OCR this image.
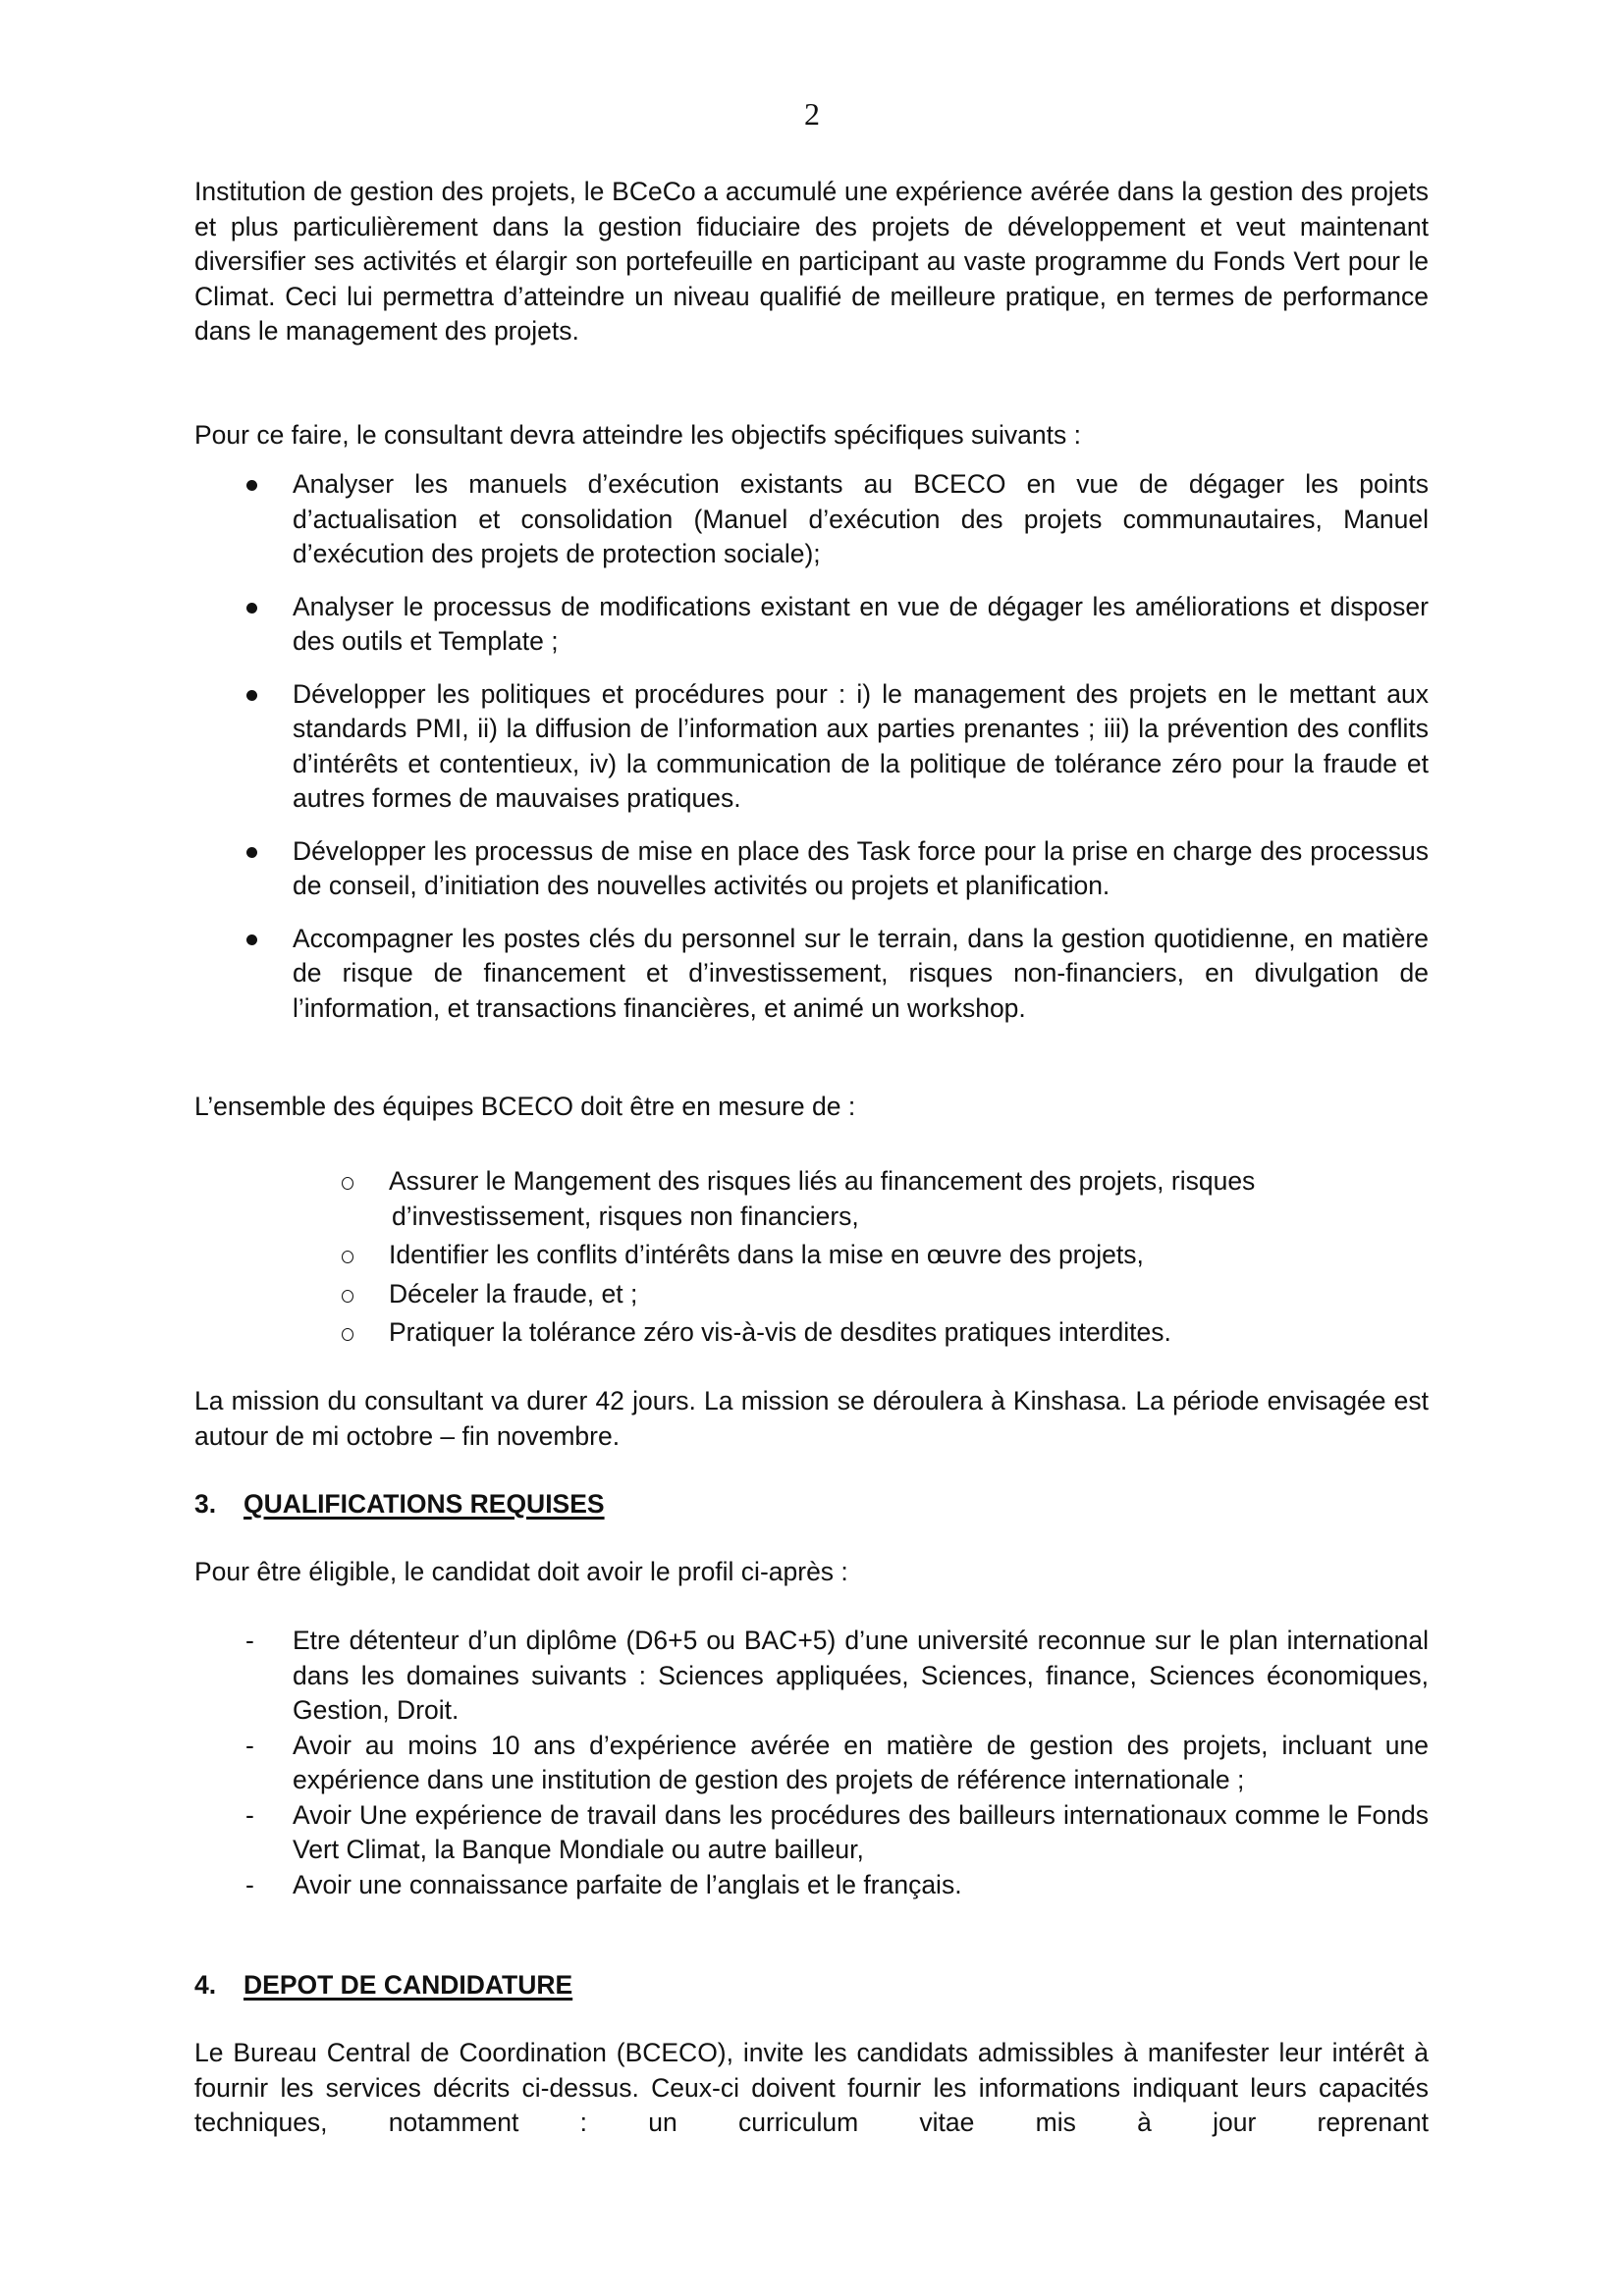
2

Institution de gestion des projets, le BCeCo a accumulé une expérience avérée dans la gestion des projets et plus particulièrement dans la gestion fiduciaire des projets de développement et veut maintenant diversifier ses activités et élargir son portefeuille en participant au vaste programme du Fonds Vert pour le Climat. Ceci lui permettra d’atteindre un niveau qualifié de meilleure pratique, en termes de performance dans le management des projets.

Pour ce faire, le consultant devra atteindre les objectifs spécifiques suivants :

Analyser les manuels d’exécution existants au BCECO en vue de dégager les points d’actualisation et consolidation (Manuel d’exécution des projets communautaires, Manuel d’exécution des projets de protection sociale);
Analyser le processus de modifications existant en vue de dégager les améliorations et disposer des outils et Template ;
Développer les politiques et procédures pour : i) le management des projets en le mettant aux standards PMI, ii) la diffusion de l’information aux parties prenantes ; iii) la prévention des conflits d’intérêts et contentieux, iv) la communication de la politique de tolérance zéro pour la fraude et autres formes de mauvaises pratiques.
Développer les processus de mise en place des Task force pour la prise en charge des processus de conseil, d’initiation des nouvelles activités ou projets et planification.
Accompagner les postes clés du personnel sur le terrain, dans la gestion quotidienne, en matière de risque de financement et d’investissement, risques non-financiers, en divulgation de l’information, et transactions financières, et animé un workshop.

L’ensemble des équipes BCECO doit être en mesure de :

Assurer le Mangement des risques liés au financement des projets, risques
d’investissement, risques non financiers,
Identifier les conflits d’intérêts dans la mise en œuvre des projets,
Déceler la fraude, et ;
Pratiquer la tolérance zéro vis-à-vis de desdites pratiques interdites.

La mission du consultant va durer 42 jours. La mission se déroulera à Kinshasa. La période envisagée est autour de mi octobre – fin novembre.

3. QUALIFICATIONS REQUISES

Pour être éligible, le candidat doit avoir le profil ci-après :

- Etre détenteur d’un diplôme (D6+5 ou BAC+5) d’une université reconnue sur le plan international dans les domaines suivants : Sciences appliquées, Sciences, finance, Sciences économiques, Gestion, Droit.
- Avoir au moins 10 ans d’expérience avérée en matière de gestion des projets, incluant une expérience dans une institution de gestion des projets de référence internationale ;
- Avoir Une expérience de travail dans les procédures des bailleurs internationaux comme le Fonds Vert Climat, la Banque Mondiale ou autre bailleur,
- Avoir une connaissance parfaite de l’anglais et le français.
4. DEPOT DE CANDIDATURE

Le Bureau Central de Coordination (BCECO), invite les candidats admissibles à manifester leur intérêt à fournir les services décrits ci-dessus. Ceux-ci doivent fournir les informations indiquant leurs capacités techniques, notamment : un curriculum vitae mis à jour reprenant
